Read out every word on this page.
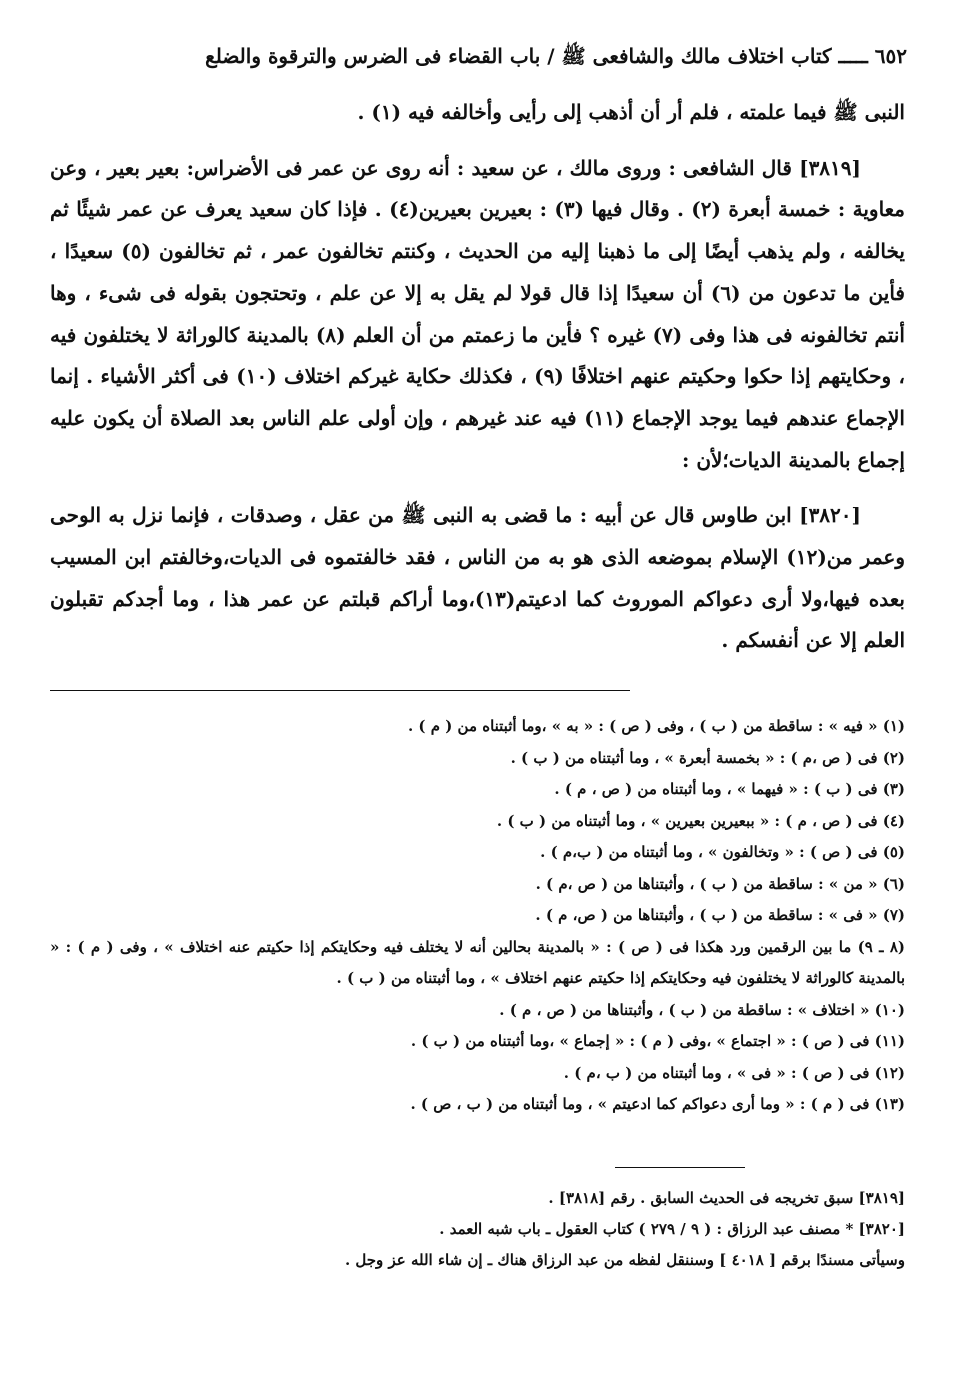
٦٥٢ ـــــ كتاب اختلاف مالك والشافعى ﷺ / باب القضاء فى الضرس والترقوة والضلع

النبى ﷺ فيما علمته ، فلم أر أن أذهب إلى رأيى وأخالفه فيه (١) .

[٣٨١٩] قال الشافعى : وروى مالك ، عن سعيد : أنه روى عن عمر فى الأضراس: بعير بعير ، وعن معاوية : خمسة أبعرة (٢) . وقال فيها (٣) : بعيرين بعيرين(٤) . فإذا كان سعيد يعرف عن عمر شيئًا ثم يخالفه ، ولم يذهب أيضًا إلى ما ذهبنا إليه من الحديث ، وكنتم تخالفون عمر ، ثم تخالفون (٥) سعيدًا ، فأين ما تدعون من (٦) أن سعيدًا إذا قال قولا لم يقل به إلا عن علم ، وتحتجون بقوله فى شىء ، وها أنتم تخالفونه فى هذا وفى (٧) غيره ؟ فأين ما زعمتم من أن العلم (٨) بالمدينة كالوراثة لا يختلفون فيه ، وحكايتهم إذا حكوا وحكيتم عنهم اختلافًا (٩) ، فكذلك حكاية غيركم اختلاف (١٠) فى أكثر الأشياء . إنما الإجماع عندهم فيما يوجد الإجماع (١١) فيه عند غيرهم ، وإن أولى علم الناس بعد الصلاة أن يكون عليه إجماع بالمدينة الديات؛لأن :

[٣٨٢٠] ابن طاوس قال عن أبيه : ما قضى به النبى ﷺ من عقل ، وصدقات ، فإنما نزل به الوحى وعمر من(١٢) الإسلام بموضعه الذى هو به من الناس ، فقد خالفتموه فى الديات،وخالفتم ابن المسيب بعده فيها،ولا أرى دعواكم الموروث كما ادعيتم(١٣)،وما أراكم قبلتم عن عمر هذا ، وما أجدكم تقبلون العلم إلا عن أنفسكم .

(١) « فيه » : ساقطة من ( ب ) ، وفى ( ص ) : « به » ،وما أثبتناه من ( م ) .
(٢) فى ( ص ،م ) : « بخمسة أبعرة » ، وما أثبتناه من ( ب ) .
(٣) فى ( ب ) : « فيهما » ، وما أثبتناه من ( ص ، م ) .
(٤) فى ( ص ، م ) : « ببعيرين بعيرين » ، وما أثبتناه من ( ب ) .
(٥) فى ( ص ) : « وتخالفون » ، وما أثبتناه من ( ب،م ) .
(٦) « من » : ساقطة من ( ب ) ، وأثبتناها من ( ص ،م ) .
(٧) « فى » : ساقطة من ( ب ) ، وأثبتناها من ( ص، م ) .
(٨ ـ ٩) ما بين الرقمين ورد هكذا فى ( ص ) : « بالمدينة بحالين أنه لا يختلف فيه وحكايتكم إذا حكيتم عنه اختلاف » ، وفى ( م ) : « بالمدينة كالوراثة لا يختلفون فيه وحكايتكم إذا حكيتم عنهم اختلاف » ، وما أثبتناه من ( ب ) .
(١٠) « اختلاف » : ساقطة من ( ب ) ، وأثبتناها من ( ص ، م ) .
(١١) فى ( ص ) : « اجتماع » ،وفى ( م ) : « إجماع » ،وما أثبتناه من ( ب ) .
(١٢) فى ( ص ) : « فى » ، وما أثبتناه من ( ب ،م ) .
(١٣) فى ( م ) : « وما أرى دعواكم كما ادعيتم » ، وما أثبتناه من ( ب ، ص ) .
[٣٨١٩] سبق تخريجه فى الحديث السابق . رقم [٣٨١٨] .
[٣٨٢٠] * مصنف عبد الرزاق : ( ٩ / ٢٧٩ ) كتاب العقول ـ باب شبه العمد .
وسيأتى مسندًا برقم [ ٤٠١٨ ] وسننقل لفظه من عبد الرزاق هناك ـ إن شاء الله عز وجل .
